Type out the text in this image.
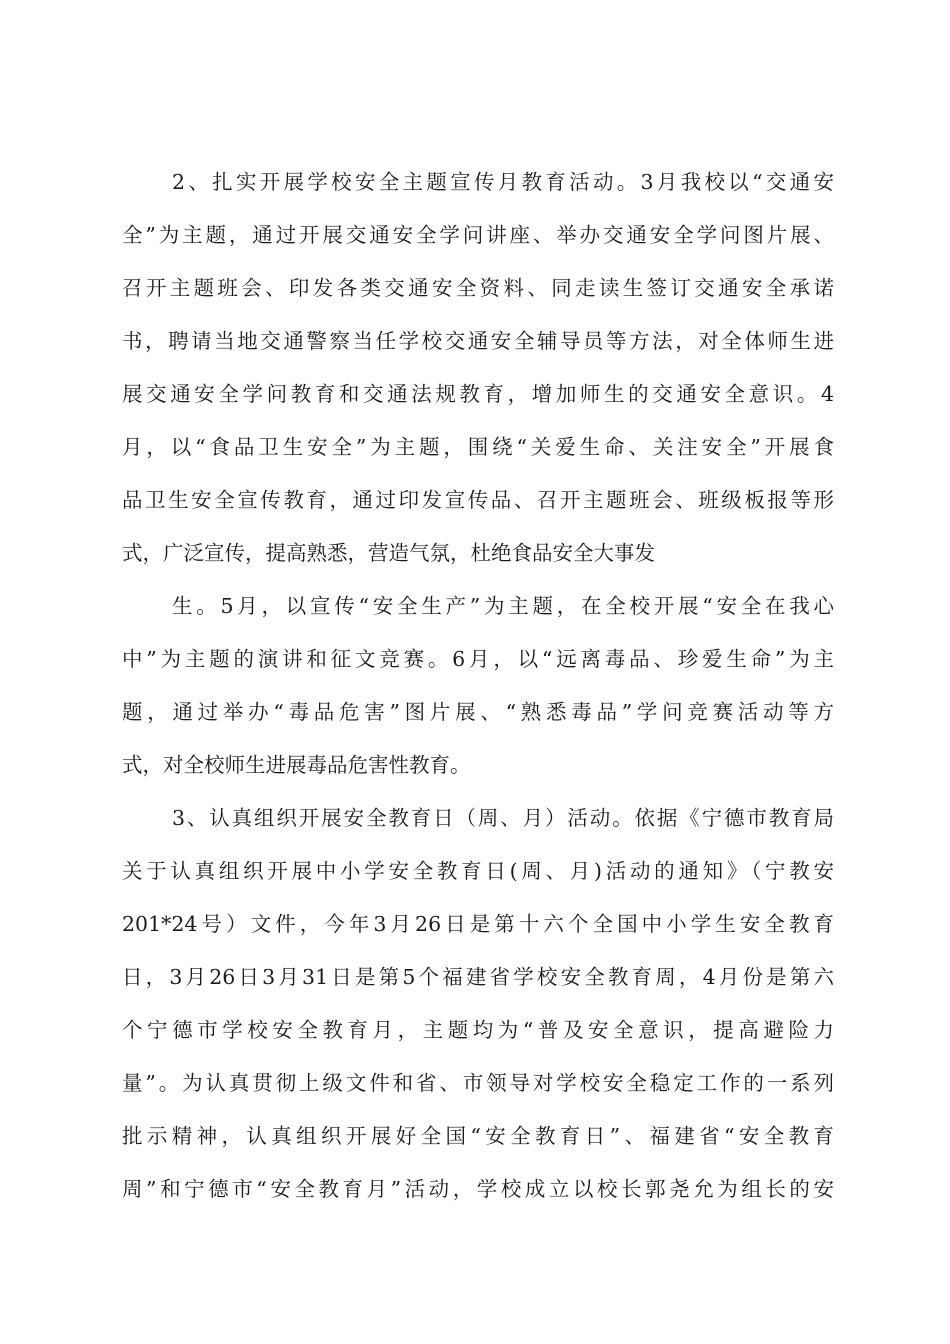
2、扎实开展学校安全主题宣传月教育活动。3月我校以“交通安
全”为主题，通过开展交通安全学问讲座、举办交通安全学问图片展、
召开主题班会、印发各类交通安全资料、同走读生签订交通安全承诺
书，聘请当地交通警察当任学校交通安全辅导员等方法，对全体师生进
展交通安全学问教育和交通法规教育，增加师生的交通安全意识。4
月，以“食品卫生安全”为主题，围绕“关爱生命、关注安全”开展食
品卫生安全宣传教育，通过印发宣传品、召开主题班会、班级板报等形
式，广泛宣传，提高熟悉，营造气氛，杜绝食品安全大事发
生。5月，以宣传“安全生产”为主题，在全校开展“安全在我心
中”为主题的演讲和征文竞赛。6月，以“远离毒品、珍爱生命”为主
题，通过举办“毒品危害”图片展、“熟悉毒品”学问竞赛活动等方
式，对全校师生进展毒品危害性教育。
3、认真组织开展安全教育日（周、月）活动。依据《宁德市教育局
关于认真组织开展中小学安全教育日(周、月)活动的通知》（宁教安
201*24号）文件，今年3月26日是第十六个全国中小学生安全教育
日，3月26日3月31日是第5个福建省学校安全教育周，4月份是第六
个宁德市学校安全教育月，主题均为“普及安全意识，提高避险力
量”。为认真贯彻上级文件和省、市领导对学校安全稳定工作的一系列
批示精神，认真组织开展好全国“安全教育日”、福建省“安全教育
周”和宁德市“安全教育月”活动，学校成立以校长郭尧允为组长的安
